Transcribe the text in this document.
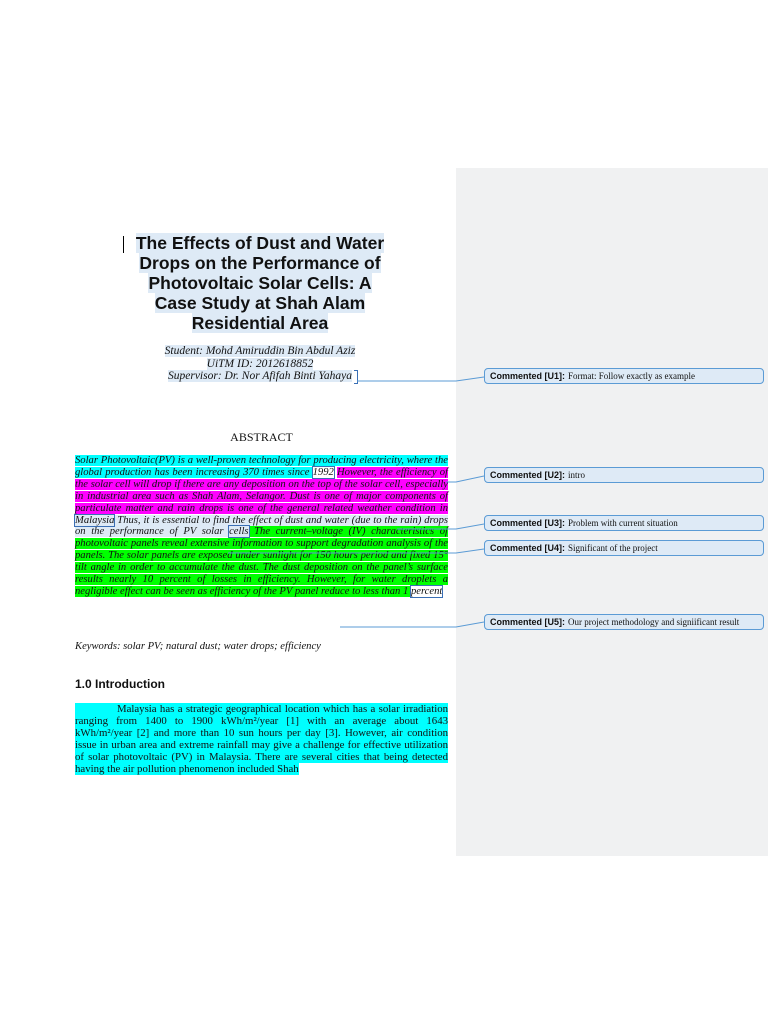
The Effects of Dust and Water
Drops on the Performance of
Photovoltaic Solar Cells: A
Case Study at Shah Alam
Residential Area
Student: Mohd Amiruddin Bin Abdul Aziz
UiTM ID: 2012618852
Supervisor: Dr. Nor Afifah Binti Yahaya
ABSTRACT
Solar Photovoltaic(PV) is a well-proven technology for producing electricity, where the global production has been increasing 370 times since 1992 However, the efficiency of the solar cell will drop if there are any deposition on the top of the solar cell, especially in industrial area such as Shah Alam, Selangor. Dust is one of major components of particulate matter and rain drops is one of the general related weather condition in Malaysia Thus, it is essential to find the effect of dust and water (due to the rain) drops on the performance of PV solar cells The current–voltage (IV) characteristics of photovoltaic panels reveal extensive information to support degradation analysis of the panels. The solar panels are exposed under sunlight for 150 hours period and fixed 15° tilt angle in order to accumulate the dust. The dust deposition on the panel’s surface results nearly 10 percent of losses in efficiency. However, for water droplets a negligible effect can be seen as efficiency of the PV panel reduce to less than 1 percent
Keywords: solar PV; natural dust; water drops; efficiency
1.0 Introduction
Malaysia has a strategic geographical location which has a solar irradiation ranging from 1400 to 1900 kWh/m²/year [1] with an average about 1643 kWh/m²/year [2] and more than 10 sun hours per day [3]. However, air condition issue in urban area and extreme rainfall may give a challenge for effective utilization of solar photovoltaic (PV) in Malaysia. There are several cities that being detected having the air pollution phenomenon included Shah
Commented [U1]: Format: Follow exactly as example
Commented [U2]: intro
Commented [U3]: Problem with current situation
Commented [U4]: Significant of the project
Commented [U5]: Our project methodology and signiificant result
